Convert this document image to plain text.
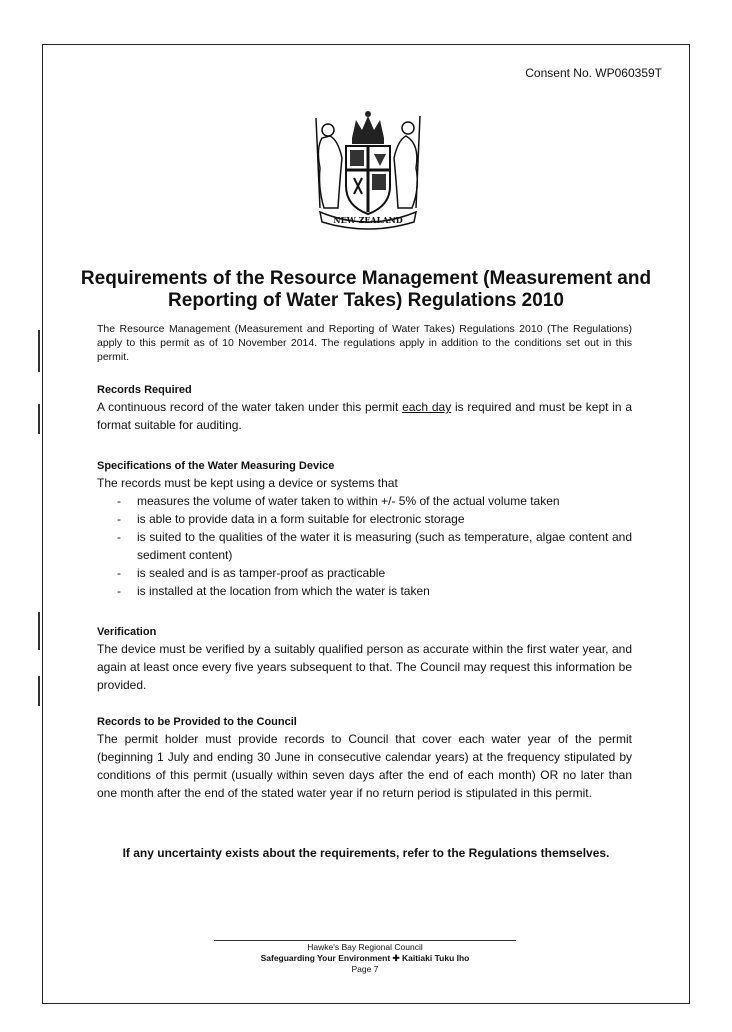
Consent No. WP060359T
NEW ZEALAND
Requirements of the Resource Management (Measurement and
Reporting of Water Takes) Regulations 2010
The Resource Management (Measurement and Reporting of Water Takes) Regulations 2010 (The Regulations) apply to this permit as of 10 November 2014. The regulations apply in addition to the conditions set out in this permit.
Records Required
A continuous record of the water taken under this permit each day is required and must be kept in a format suitable for auditing.
Specifications of the Water Measuring Device
The records must be kept using a device or systems that
- measures the volume of water taken to within +/- 5% of the actual volume taken
- is able to provide data in a form suitable for electronic storage
- is suited to the qualities of the water it is measuring (such as temperature, algae content and sediment content)
- is sealed and is as tamper-proof as practicable
- is installed at the location from which the water is taken
Verification
The device must be verified by a suitably qualified person as accurate within the first water year, and again at least once every five years subsequent to that. The Council may request this information be provided.
Records to be Provided to the Council
The permit holder must provide records to Council that cover each water year of the permit (beginning 1 July and ending 30 June in consecutive calendar years) at the frequency stipulated by conditions of this permit (usually within seven days after the end of each month) OR no later than one month after the end of the stated water year if no return period is stipulated in this permit.
If any uncertainty exists about the requirements, refer to the Regulations themselves.
Hawke's Bay Regional Council
Safeguarding Your Environment ✚ Kaitiaki Tuku Iho
Page 7
